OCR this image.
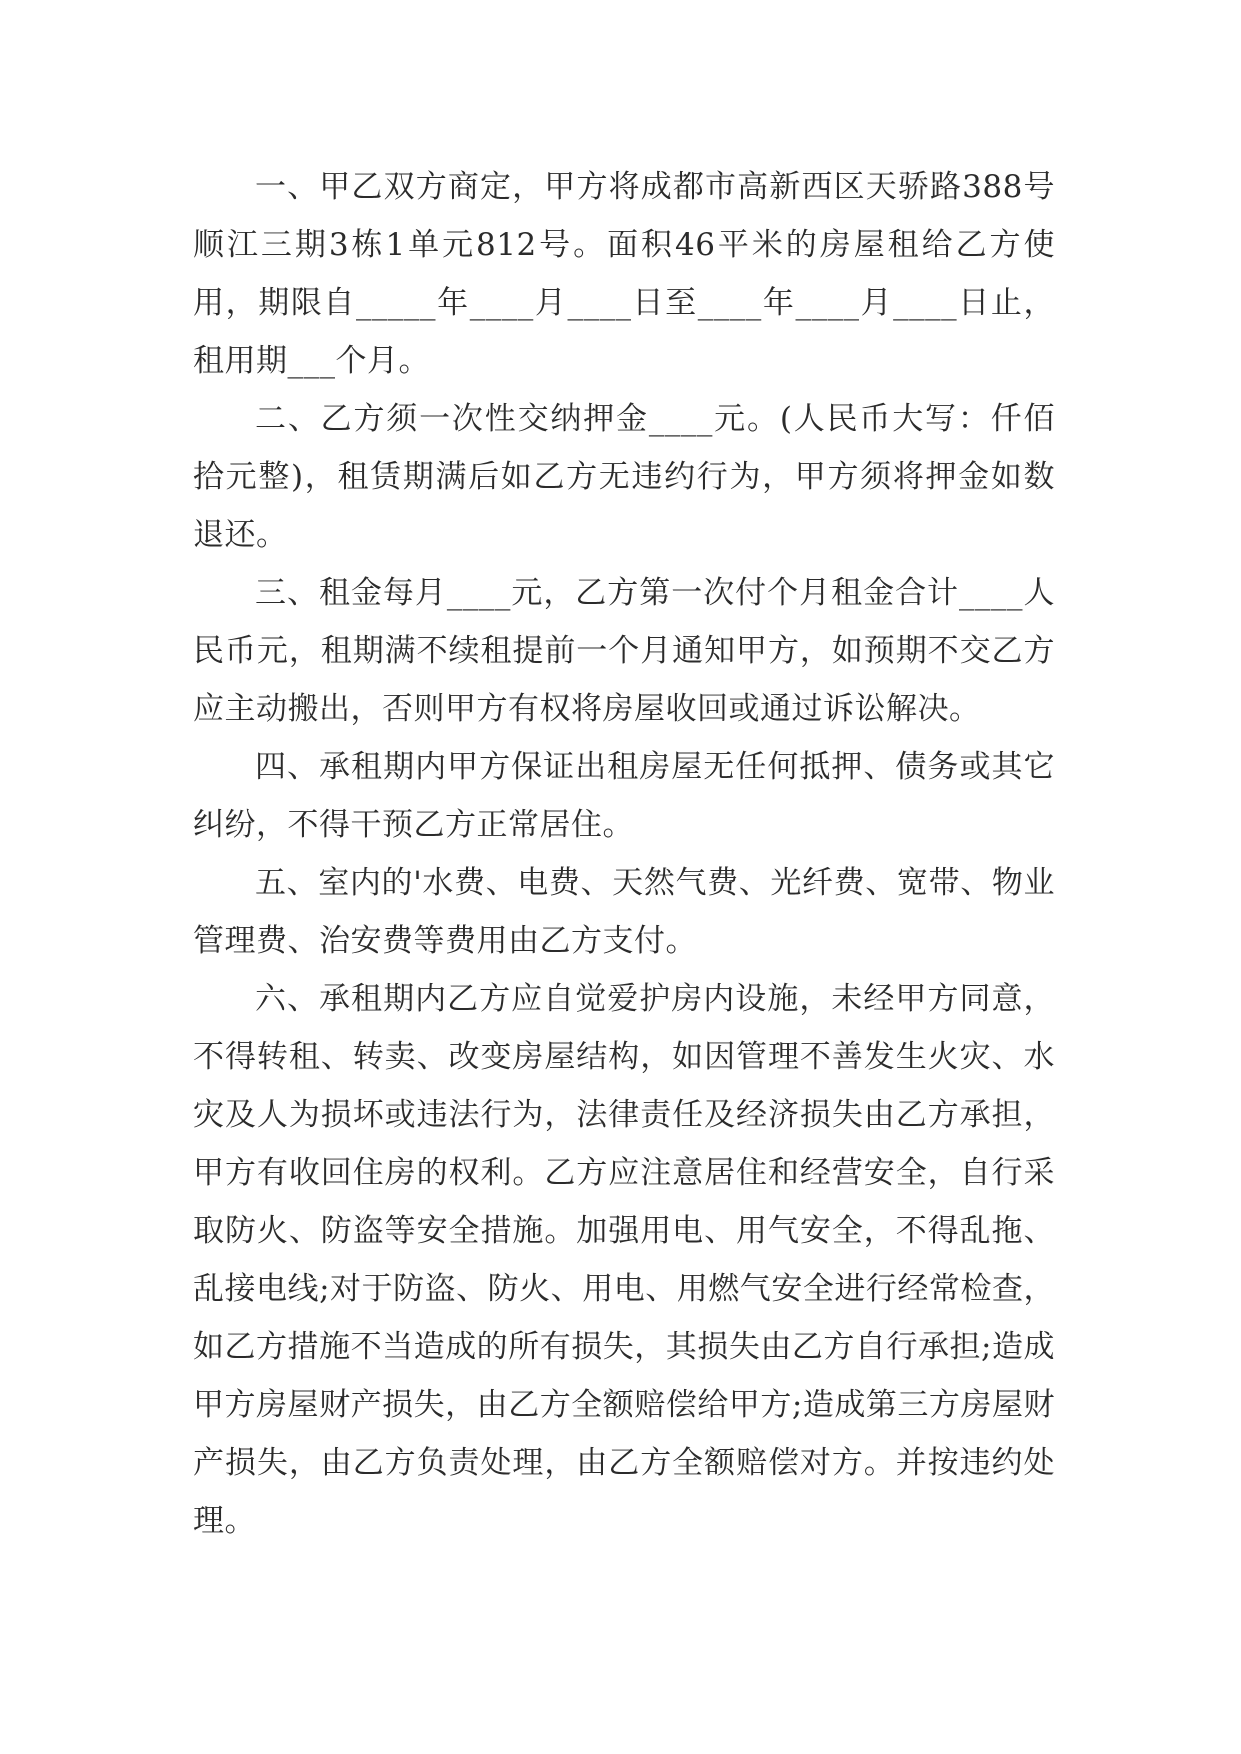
一、甲乙双方商定，甲方将成都市高新西区天骄路388号顺江三期3栋1单元812号。面积46平米的房屋租给乙方使用，期限自_____年____月____日至____年____月____日止，租用期___个月。

二、乙方须一次性交纳押金____元。(人民币大写：仟佰拾元整)，租赁期满后如乙方无违约行为，甲方须将押金如数退还。

三、租金每月____元，乙方第一次付个月租金合计____人民币元，租期满不续租提前一个月通知甲方，如预期不交乙方应主动搬出，否则甲方有权将房屋收回或通过诉讼解决。

四、承租期内甲方保证出租房屋无任何抵押、债务或其它纠纷，不得干预乙方正常居住。

五、室内的'水费、电费、天然气费、光纤费、宽带、物业管理费、治安费等费用由乙方支付。

六、承租期内乙方应自觉爱护房内设施，未经甲方同意，不得转租、转卖、改变房屋结构，如因管理不善发生火灾、水灾及人为损坏或违法行为，法律责任及经济损失由乙方承担，甲方有收回住房的权利。乙方应注意居住和经营安全，自行采取防火、防盗等安全措施。加强用电、用气安全，不得乱拖、乱接电线;对于防盗、防火、用电、用燃气安全进行经常检查，如乙方措施不当造成的所有损失，其损失由乙方自行承担;造成甲方房屋财产损失，由乙方全额赔偿给甲方;造成第三方房屋财产损失，由乙方负责处理，由乙方全额赔偿对方。并按违约处理。
